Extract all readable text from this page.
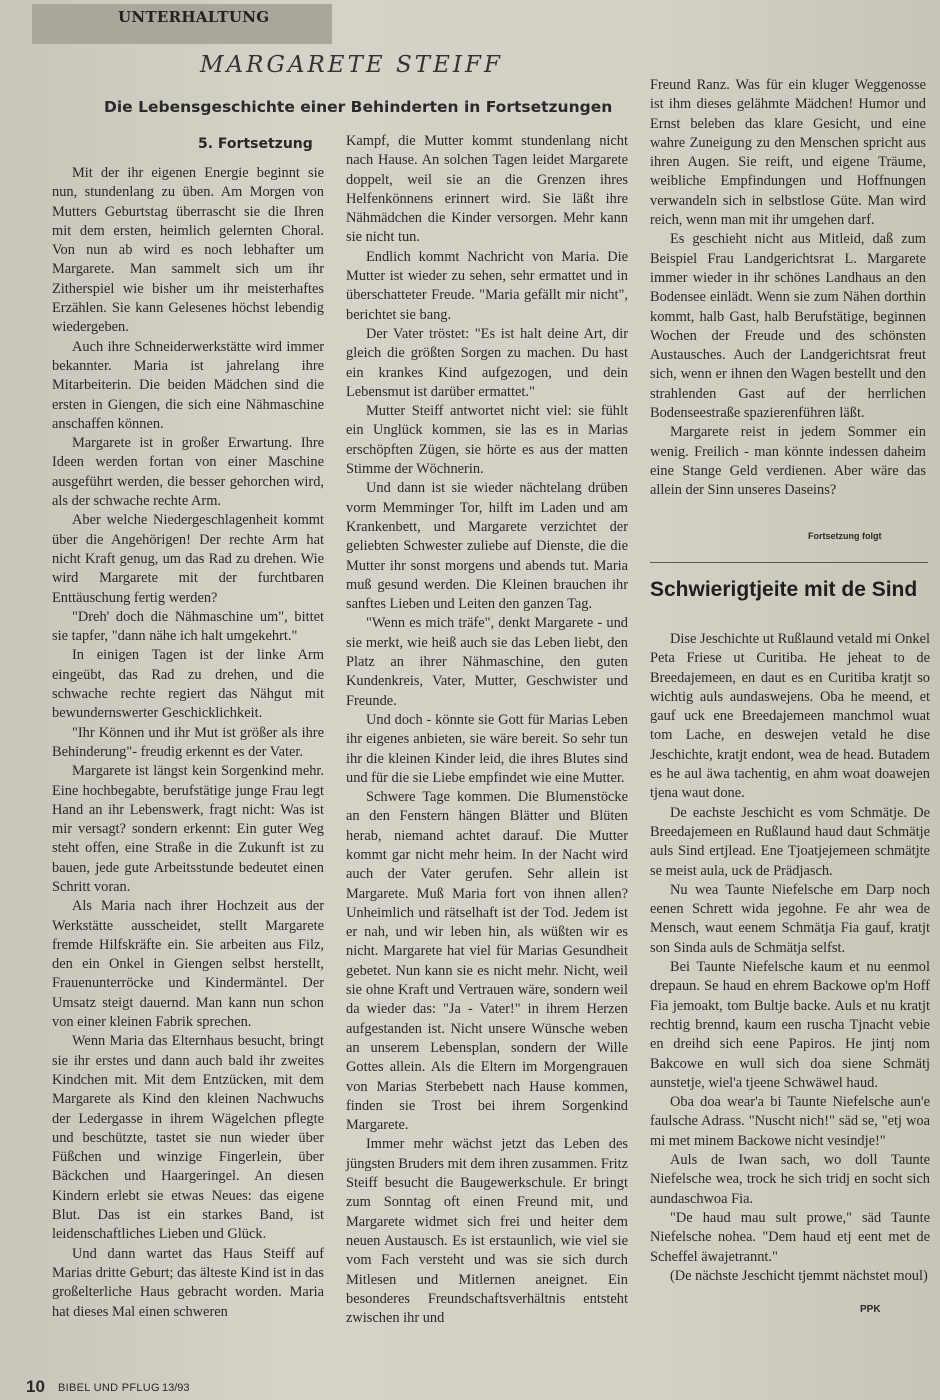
UNTERHALTUNG
MARGARETE STEIFF
Die Lebensgeschichte einer Behinderten in Fortsetzungen
5. Fortsetzung

Mit der ihr eigenen Energie beginnt sie nun, stundenlang zu üben. Am Morgen von Mutters Geburtstag überrascht sie die Ihren mit dem ersten, heimlich gelernten Choral. Von nun ab wird es noch lebhafter um Margarete. Man sammelt sich um ihr Zitherspiel wie bisher um ihr meisterhaftes Erzählen. Sie kann Gelesenes höchst lebendig wiedergeben.

Auch ihre Schneiderwerkstätte wird immer bekannter. Maria ist jahrelang ihre Mitarbeiterin. Die beiden Mädchen sind die ersten in Giengen, die sich eine Nähmaschine anschaffen können.

Margarete ist in großer Erwartung. Ihre Ideen werden fortan von einer Maschine ausgeführt werden, die besser gehorchen wird, als der schwache rechte Arm.

Aber welche Niedergeschlagenheit kommt über die Angehörigen! Der rechte Arm hat nicht Kraft genug, um das Rad zu drehen. Wie wird Margarete mit der furchtbaren Enttäuschung fertig werden?

"Dreh' doch die Nähmaschine um", bittet sie tapfer, "dann nähe ich halt umgekehrt."

In einigen Tagen ist der linke Arm eingeübt, das Rad zu drehen, und die schwache rechte regiert das Nähgut mit bewundernswerter Geschicklichkeit.

"Ihr Können und ihr Mut ist größer als ihre Behinderung"- freudig erkennt es der Vater.

Margarete ist längst kein Sorgenkind mehr. Eine hochbegabte, berufstätige junge Frau legt Hand an ihr Lebenswerk, fragt nicht: Was ist mir versagt? sondern erkennt: Ein guter Weg steht offen, eine Straße in die Zukunft ist zu bauen, jede gute Arbeitsstunde bedeutet einen Schritt voran.

Als Maria nach ihrer Hochzeit aus der Werkstätte ausscheidet, stellt Margarete fremde Hilfskräfte ein. Sie arbeiten aus Filz, den ein Onkel in Giengen selbst herstellt, Frauenunterröcke und Kindermäntel. Der Umsatz steigt dauernd. Man kann nun schon von einer kleinen Fabrik sprechen.

Wenn Maria das Elternhaus besucht, bringt sie ihr erstes und dann auch bald ihr zweites Kindchen mit. Mit dem Entzücken, mit dem Margarete als Kind den kleinen Nachwuchs der Ledergasse in ihrem Wägelchen pflegte und beschützte, tastet sie nun wieder über Füßchen und winzige Fingerlein, über Bäckchen und Haargeringel. An diesen Kindern erlebt sie etwas Neues: das eigene Blut. Das ist ein starkes Band, ist leidenschaftliches Lieben und Glück.

Und dann wartet das Haus Steiff auf Marias dritte Geburt; das älteste Kind ist in das großelterliche Haus gebracht worden. Maria hat dieses Mal einen schweren

Kampf, die Mutter kommt stundenlang nicht nach Hause. An solchen Tagen leidet Margarete doppelt, weil sie an die Grenzen ihres Helfenkönnens erinnert wird. Sie läßt ihre Nähmädchen die Kinder versorgen. Mehr kann sie nicht tun.

Endlich kommt Nachricht von Maria. Die Mutter ist wieder zu sehen, sehr ermattet und in überschatteter Freude. "Maria gefällt mir nicht", berichtet sie bang.

Der Vater tröstet: "Es ist halt deine Art, dir gleich die größten Sorgen zu machen. Du hast ein krankes Kind aufgezogen, und dein Lebensmut ist darüber ermattet."

Mutter Steiff antwortet nicht viel: sie fühlt ein Unglück kommen, sie las es in Marias erschöpften Zügen, sie hörte es aus der matten Stimme der Wöchnerin.

Und dann ist sie wieder nächtelang drüben vorm Memminger Tor, hilft im Laden und am Krankenbett, und Margarete verzichtet der geliebten Schwester zuliebe auf Dienste, die die Mutter ihr sonst morgens und abends tut. Maria muß gesund werden. Die Kleinen brauchen ihr sanftes Lieben und Leiten den ganzen Tag.

"Wenn es mich träfe", denkt Margarete - und sie merkt, wie heiß auch sie das Leben liebt, den Platz an ihrer Nähmaschine, den guten Kundenkreis, Vater, Mutter, Geschwister und Freunde.

Und doch - könnte sie Gott für Marias Leben ihr eigenes anbieten, sie wäre bereit. So sehr tun ihr die kleinen Kinder leid, die ihres Blutes sind und für die sie Liebe empfindet wie eine Mutter.

Schwere Tage kommen. Die Blumenstöcke an den Fenstern hängen Blätter und Blüten herab, niemand achtet darauf. Die Mutter kommt gar nicht mehr heim. In der Nacht wird auch der Vater gerufen. Sehr allein ist Margarete. Muß Maria fort von ihnen allen? Unheimlich und rätselhaft ist der Tod. Jedem ist er nah, und wir leben hin, als wüßten wir es nicht. Margarete hat viel für Marias Gesundheit gebetet. Nun kann sie es nicht mehr. Nicht, weil sie ohne Kraft und Vertrauen wäre, sondern weil da wieder das: "Ja - Vater!" in ihrem Herzen aufgestanden ist. Nicht unsere Wünsche weben an unserem Lebensplan, sondern der Wille Gottes allein. Als die Eltern im Morgengrauen von Marias Sterbebett nach Hause kommen, finden sie Trost bei ihrem Sorgenkind Margarete.

Immer mehr wächst jetzt das Leben des jüngsten Bruders mit dem ihren zusammen. Fritz Steiff besucht die Baugewerkschule. Er bringt zum Sonntag oft einen Freund mit, und Margarete widmet sich frei und heiter dem neuen Austausch. Es ist erstaunlich, wie viel sie vom Fach versteht und was sie sich durch Mitlesen und Mitlernen aneignet. Ein besonderes Freundschaftsverhältnis entsteht zwischen ihr und

Freund Ranz. Was für ein kluger Weggenosse ist ihm dieses gelähmte Mädchen! Humor und Ernst beleben das klare Gesicht, und eine wahre Zuneigung zu den Menschen spricht aus ihren Augen. Sie reift, und eigene Träume, weibliche Empfindungen und Hoffnungen verwandeln sich in selbstlose Güte. Man wird reich, wenn man mit ihr umgehen darf.

Es geschieht nicht aus Mitleid, daß zum Beispiel Frau Landgerichtsrat L. Margarete immer wieder in ihr schönes Landhaus an den Bodensee einlädt. Wenn sie zum Nähen dorthin kommt, halb Gast, halb Berufstätige, beginnen Wochen der Freude und des schönsten Austausches. Auch der Landgerichtsrat freut sich, wenn er ihnen den Wagen bestellt und den strahlenden Gast auf der herrlichen Bodenseestraße spazierenführen läßt.

Margarete reist in jedem Sommer ein wenig. Freilich - man könnte indessen daheim eine Stange Geld verdienen. Aber wäre das allein der Sinn unseres Daseins?

Fortsetzung folgt
Schwierigtjeite mit de Sind

Dise Jeschichte ut Rußlaund vetald mi Onkel Peta Friese ut Curitiba. He jeheat to de Breedajemeen, en daut es en Curitiba kratjt so wichtig auls aundaswejens. Oba he meend, et gauf uck ene Breedajemeen manchmol wuat tom Lache, en deswejen vetald he dise Jeschichte, kratjt endont, wea de head. Butadem es he aul äwa tachentig, en ahm woat doawejen tjena waut done.

De eachste Jeschicht es vom Schmätje. De Breedajemeen en Rußlaund haud daut Schmätje auls Sind ertjlead. Ene Tjoatjejemeen schmätjte se meist aula, uck de Prädjasch.

Nu wea Taunte Niefelsche em Darp noch eenen Schrett wida jegohne. Fe ahr wea de Mensch, waut eenem Schmätja Fia gauf, kratjt son Sinda auls de Schmätja selfst.

Bei Taunte Niefelsche kaum et nu eenmol drepaun. Se haud en ehrem Backowe op'm Hoff Fia jemoakt, tom Bultje backe. Auls et nu kratjt rechtig brennd, kaum een ruscha Tjnacht vebie en dreihd sich eene Papiros. He jintj nom Bakcowe en wull sich doa siene Schmätj aunstetje, wiel'a tjeene Schwäwel haud.

Oba doa wear'a bi Taunte Niefelsche aun'e faulsche Adrass. "Nuscht nich!" säd se, "etj woa mi met minem Backowe nicht vesindje!"

Auls de Iwan sach, wo doll Taunte Niefelsche wea, trock he sich tridj en socht sich aundaschwoa Fia.

"De haud mau sult prowe," säd Taunte Niefelsche nohea. "Dem haud etj eent met de Scheffel äwajetrannt."

(De nächste Jeschicht tjemmt nächstet moul)

PPK
10 BIBEL UND PFLUG 13/93
